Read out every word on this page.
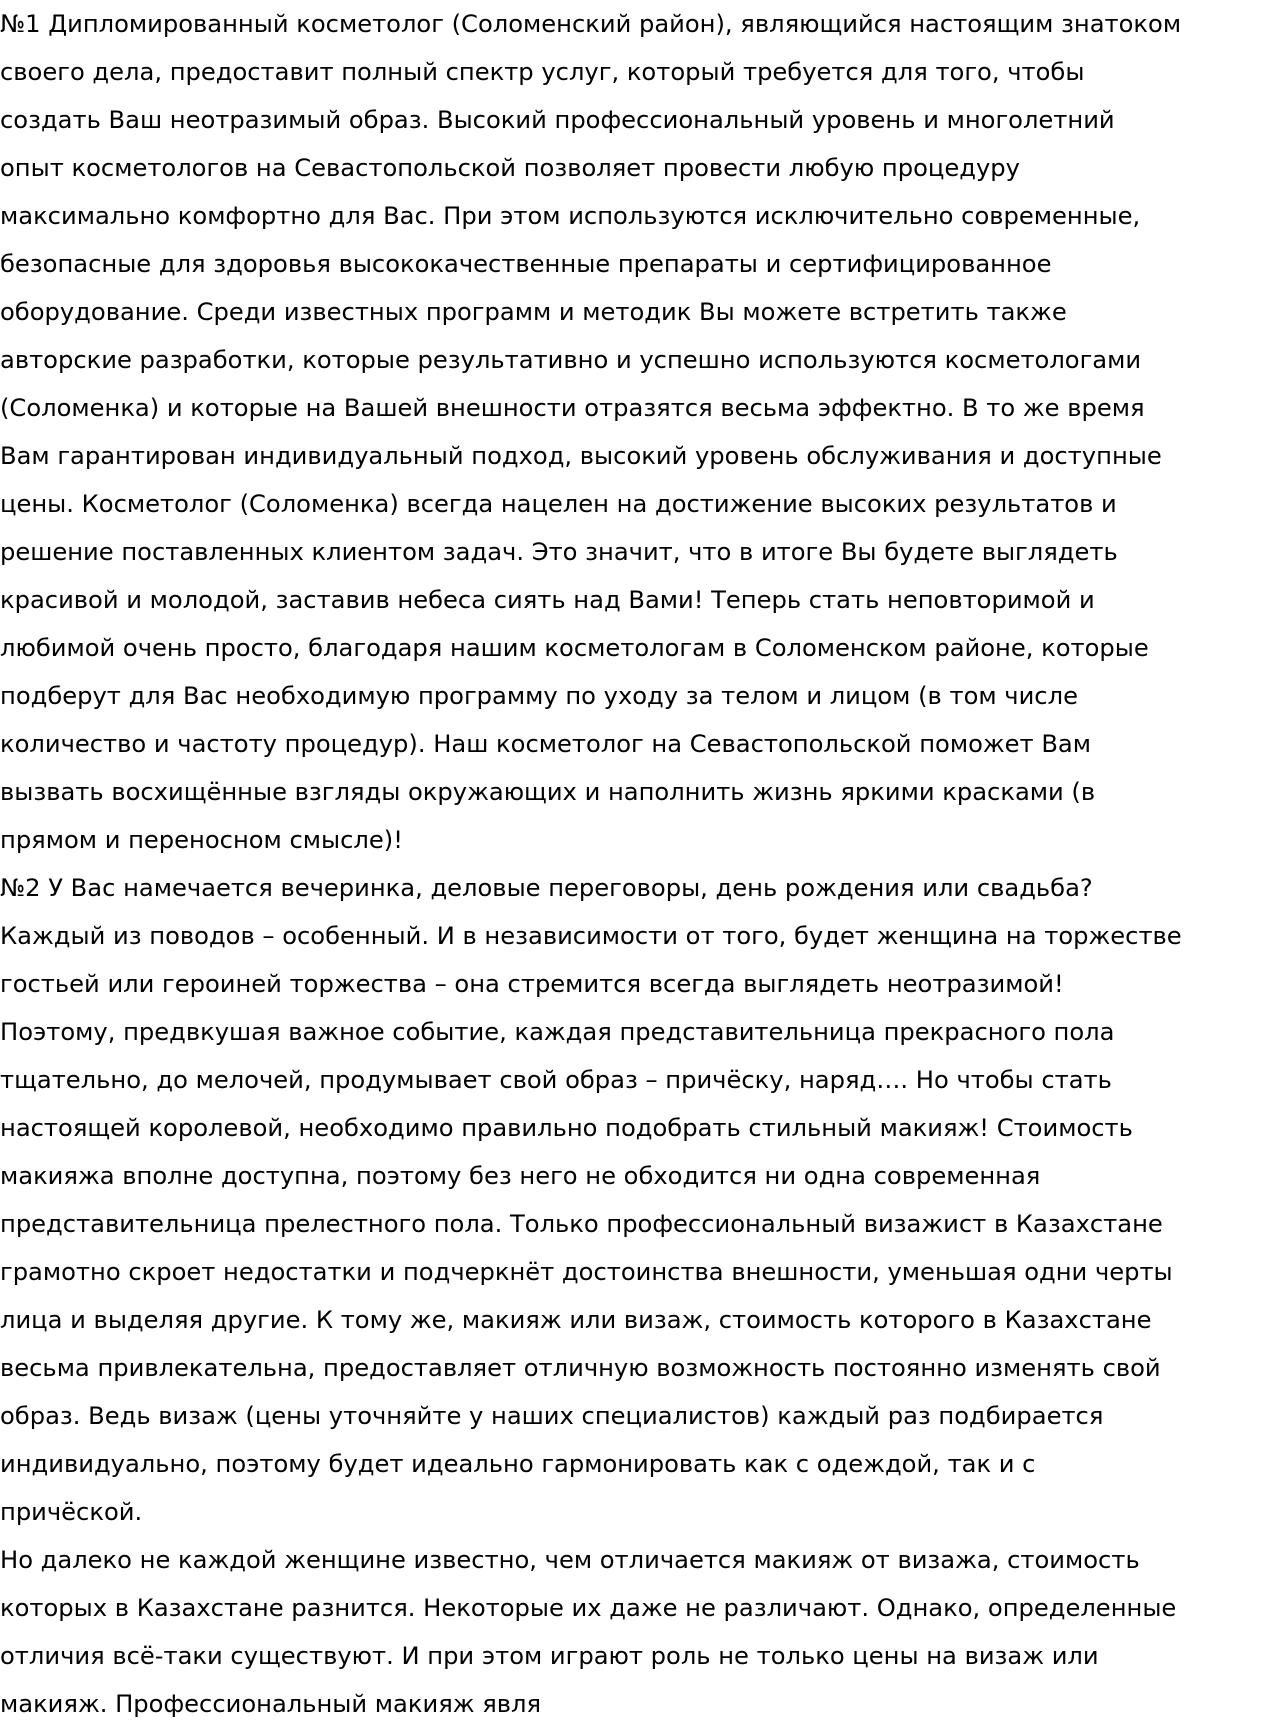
№1 Дипломированный косметолог (Соломенский район), являющийся настоящим знатоком
своего дела, предоставит полный спектр услуг, который требуется для того, чтобы
создать Ваш неотразимый образ. Высокий профессиональный уровень и многолетний
опыт косметологов на Севастопольской позволяет провести любую процедуру
максимально комфортно для Вас. При этом используются исключительно современные,
безопасные для здоровья высококачественные препараты и сертифицированное
оборудование. Среди известных программ и методик Вы можете встретить также
авторские разработки, которые результативно и успешно используются косметологами
(Соломенка) и которые на Вашей внешности отразятся весьма эффектно. В то же время
Вам гарантирован индивидуальный подход, высокий уровень обслуживания и доступные
цены. Косметолог (Соломенка) всегда нацелен на достижение высоких результатов и
решение поставленных клиентом задач. Это значит, что в итоге Вы будете выглядеть
красивой и молодой, заставив небеса сиять над Вами! Теперь стать неповторимой и
любимой очень просто, благодаря нашим косметологам в Соломенском районе, которые
подберут для Вас необходимую программу по уходу за телом и лицом (в том числе
количество и частоту процедур). Наш косметолог на Севастопольской поможет Вам
вызвать восхищённые взгляды окружающих и наполнить жизнь яркими красками (в
прямом и переносном смысле)!
№2 У Вас намечается вечеринка, деловые переговоры, день рождения или свадьба?
Каждый из поводов – особенный. И в независимости от того, будет женщина на торжестве
гостьей или героиней торжества – она стремится всегда выглядеть неотразимой!
Поэтому, предвкушая важное событие, каждая представительница прекрасного пола
тщательно, до мелочей, продумывает свой образ – причёску, наряд…. Но чтобы стать
настоящей королевой, необходимо правильно подобрать стильный макияж! Стоимость
макияжа вполне доступна, поэтому без него не обходится ни одна современная
представительница прелестного пола. Только профессиональный визажист в Казахстане
грамотно скроет недостатки и подчеркнёт достоинства внешности, уменьшая одни черты
лица и выделяя другие. К тому же, макияж или визаж, стоимость которого в Казахстане
весьма привлекательна, предоставляет отличную возможность постоянно изменять свой
образ. Ведь визаж (цены уточняйте у наших специалистов) каждый раз подбирается
индивидуально, поэтому будет идеально гармонировать как с одеждой, так и с
причёской.
Но далеко не каждой женщине известно, чем отличается макияж от визажа, стоимость
которых в Казахстане разнится. Некоторые их даже не различают. Однако, определенные
отличия всё-таки существуют. И при этом играют роль не только цены на визаж или
макияж. Профессиональный макияж явля
